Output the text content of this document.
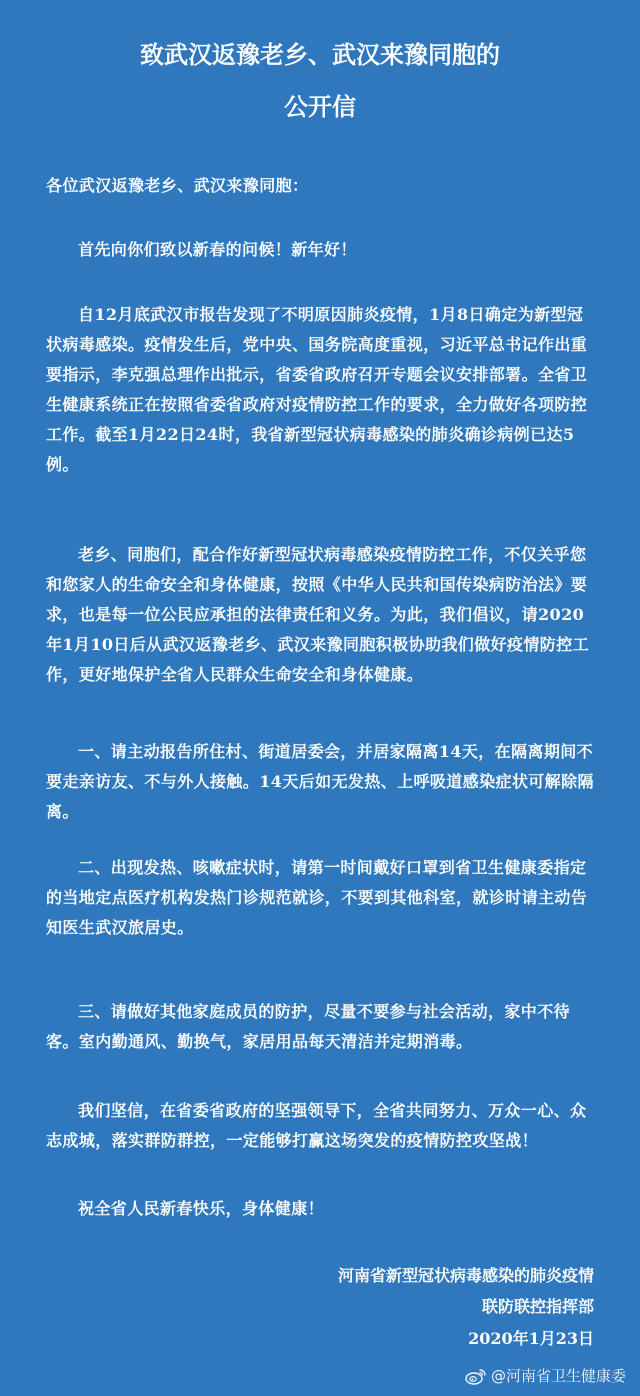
致武汉返豫老乡、武汉来豫同胞的
公开信
各位武汉返豫老乡、武汉来豫同胞：
首先向你们致以新春的问候！新年好！
自12月底武汉市报告发现了不明原因肺炎疫情，1月8日确定为新型冠状病毒感染。疫情发生后，党中央、国务院高度重视，习近平总书记作出重要指示，李克强总理作出批示，省委省政府召开专题会议安排部署。全省卫生健康系统正在按照省委省政府对疫情防控工作的要求，全力做好各项防控工作。截至1月22日24时，我省新型冠状病毒感染的肺炎确诊病例已达5例。
老乡、同胞们，配合作好新型冠状病毒感染疫情防控工作，不仅关乎您和您家人的生命安全和身体健康，按照《中华人民共和国传染病防治法》要求，也是每一位公民应承担的法律责任和义务。为此，我们倡议，请2020年1月10日后从武汉返豫老乡、武汉来豫同胞积极协助我们做好疫情防控工作，更好地保护全省人民群众生命安全和身体健康。
一、请主动报告所住村、街道居委会，并居家隔离14天，在隔离期间不要走亲访友、不与外人接触。14天后如无发热、上呼吸道感染症状可解除隔离。
二、出现发热、咳嗽症状时，请第一时间戴好口罩到省卫生健康委指定的当地定点医疗机构发热门诊规范就诊，不要到其他科室，就诊时请主动告知医生武汉旅居史。
三、请做好其他家庭成员的防护，尽量不要参与社会活动，家中不待客。室内勤通风、勤换气，家居用品每天清洁并定期消毒。
我们坚信，在省委省政府的坚强领导下，全省共同努力、万众一心、众志成城，落实群防群控，一定能够打赢这场突发的疫情防控攻坚战！
祝全省人民新春快乐，身体健康！
河南省新型冠状病毒感染的肺炎疫情
联防联控指挥部
2020年1月23日
@河南省卫生健康委
